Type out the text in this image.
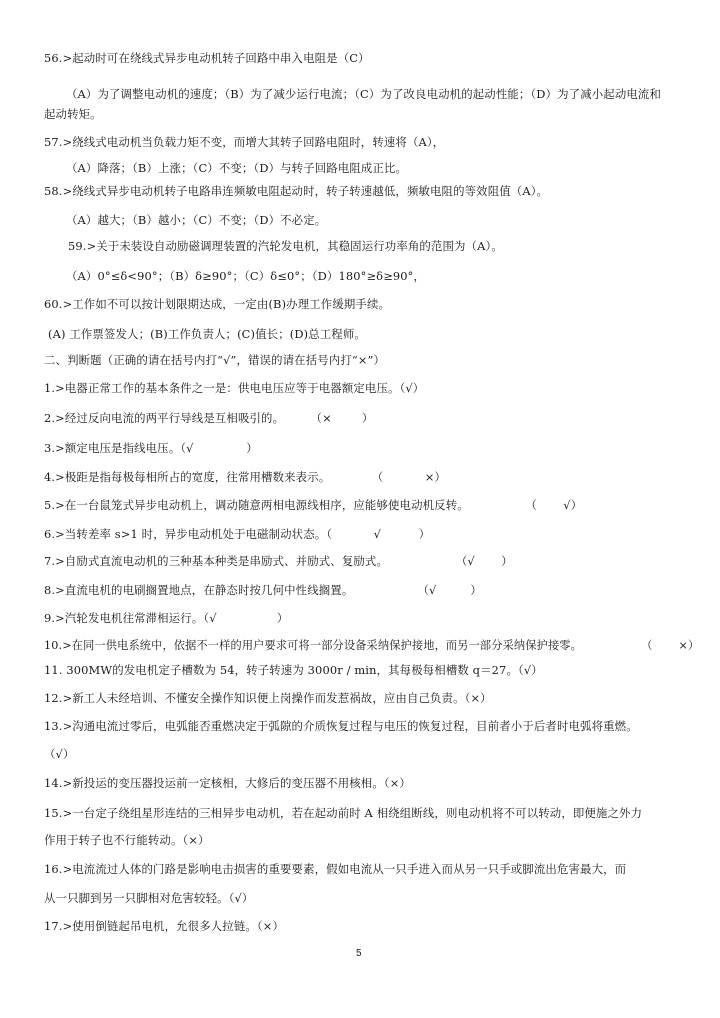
56.>起动时可在绕线式异步电动机转子回路中串入电阻是（C）
（A）为了调整电动机的速度；（B）为了减少运行电流；（C）为了改良电动机的起动性能；（D）为了减小起动电流和
起动转矩。
57.>绕线式电动机当负载力矩不变，而增大其转子回路电阻时，转速将（A），
（A）降落；（B）上涨；（C）不变；（D）与转子回路电阻成正比。
58.>绕线式异步电动机转子电路串连频敏电阻起动时，转子转速越低，频敏电阻的等效阻值（A）。
（A）越大；（B）越小；（C）不变；（D）不必定。
59.>关于未装设自动励磁调理装置的汽轮发电机，其稳固运行功率角的范围为（A）。
（A）0°≤δ<90°；（B）δ≥90°；（C）δ≤0°；（D）180°≥δ≥90°，
60.>工作如不可以按计划限期达成，一定由(B)办理工作缓期手续。
(A) 工作票签发人；(B)工作负责人；(C)值长；(D)总工程师。
二、判断题（正确的请在括号内打“√”，错误的请在括号内打“×”）
1.>电器正常工作的基本条件之一是：供电电压应等于电器额定电压。（√）
2.>经过反向电流的两平行导线是互相吸引的。       （×        ）
3.>额定电压是指线电压。（√              ）
4.>极距是指每极每相所占的宽度，往常用槽数来表示。           （           ×）
5.>在一台鼠笼式异步电动机上，调动随意两相电源线相序，应能够使电动机反转。               （       √）
6.>当转差率 s>1 时，异步电动机处于电磁制动状态。（           √          ）
7.>自励式直流电动机的三种基本种类是串励式、并励式、复励式。                  （√       ）
8.>直流电机的电刷搁置地点，在静态时按几何中性线搁置。                 （√         ）
9.>汽轮发电机往常滞相运行。（√                ）
10.>在同一供电系统中，依据不一样的用户要求可将一部分设备采纳保护接地，而另一部分采纳保护接零。                （       ×）
11. 300MW的发电机定子槽数为 54，转子转速为 3000r / min，其每极每相槽数 q＝27。（√）
12.>新工人未经培训、不懂安全操作知识便上岗操作而发惹祸故，应由自己负责。（×）
13.>沟通电流过零后，电弧能否重燃决定于弧隙的介质恢复过程与电压的恢复过程，目前者小于后者时电弧将重燃。
（√）
14.>新投运的变压器投运前一定核相，大修后的变压器不用核相。（×）
15.>一台定子绕组星形连结的三相异步电动机，若在起动前时 A 相绕组断线，则电动机将不可以转动，即便施之外力
作用于转子也不行能转动。（×）
16.>电流流过人体的门路是影响电击损害的重要要素，假如电流从一只手进入而从另一只手或脚流出危害最大，而
从一只脚到另一只脚相对危害较轻。（√）
17.>使用倒链起吊电机，允很多人拉链。（×）
5
